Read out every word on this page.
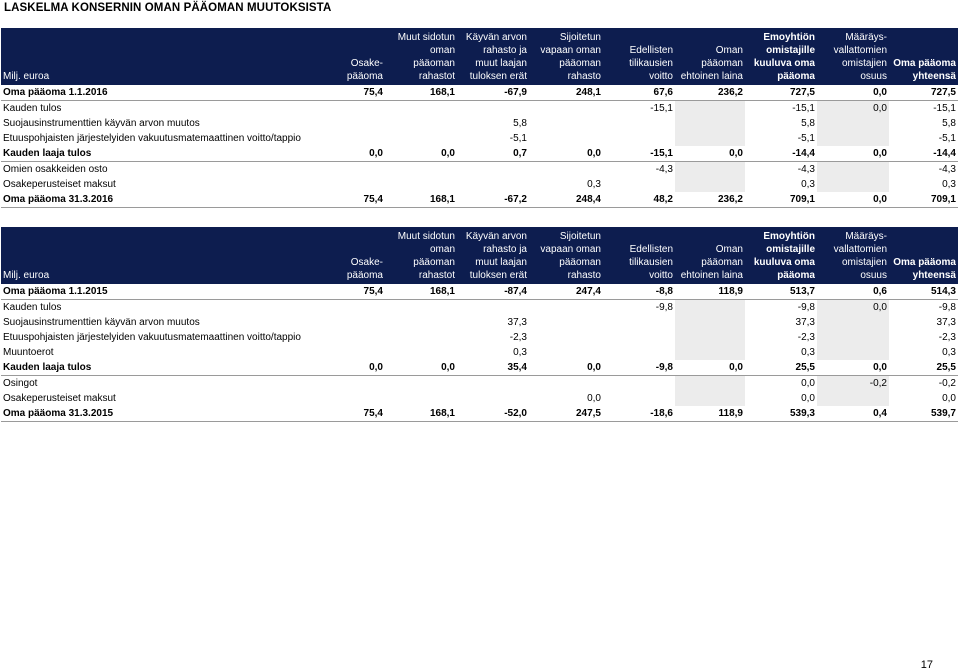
LASKELMA KONSERNIN OMAN PÄÄOMAN MUUTOKSISTA
Milj. euroa	Osake-pääoma	Muut sidotun oman pääoman rahastot	Käyvän arvon rahasto ja muut laajan tuloksen erät	Sijoitetun vapaan oman pääoman rahasto	Edellisten tilikausien voitto	Oman pääoman ehtoinen laina	Emoyhtiön omistajille kuuluva oma pääoma	Määräys-vallattomien omistajien osuus	Oma pääoma yhteensä
Oma pääoma 1.1.2016	75,4	168,1	-67,9	248,1	67,6	236,2	727,5	0,0	727,5
Kauden tulos					-15,1		-15,1	0,0	-15,1
Suojausinstrumenttien käyvän arvon muutos			5,8				5,8		5,8
Etuuspohjaisten järjestelyiden vakuutusmatemaattinen voitto/tappio			-5,1				-5,1		-5,1
Kauden laaja tulos	0,0	0,0	0,7	0,0	-15,1	0,0	-14,4	0,0	-14,4
Omien osakkeiden osto					-4,3		-4,3		-4,3
Osakeperusteiset maksut				0,3			0,3		0,3
Oma pääoma 31.3.2016	75,4	168,1	-67,2	248,4	48,2	236,2	709,1	0,0	709,1
Milj. euroa	Osake-pääoma	Muut sidotun oman pääoman rahastot	Käyvän arvon rahasto ja muut laajan tuloksen erät	Sijoitetun vapaan oman pääoman rahasto	Edellisten tilikausien voitto	Oman pääoman ehtoinen laina	Emoyhtiön omistajille kuuluva oma pääoma	Määräys-vallattomien omistajien osuus	Oma pääoma yhteensä
Oma pääoma 1.1.2015	75,4	168,1	-87,4	247,4	-8,8	118,9	513,7	0,6	514,3
Kauden tulos					-9,8		-9,8	0,0	-9,8
Suojausinstrumenttien käyvän arvon muutos			37,3				37,3		37,3
Etuuspohjaisten järjestelyiden vakuutusmatemaattinen voitto/tappio			-2,3				-2,3		-2,3
Muuntoerot			0,3				0,3		0,3
Kauden laaja tulos	0,0	0,0	35,4	0,0	-9,8	0,0	25,5	0,0	25,5
Osingot							0,0	-0,2	-0,2
Osakeperusteiset maksut				0,0			0,0		0,0
Oma pääoma 31.3.2015	75,4	168,1	-52,0	247,5	-18,6	118,9	539,3	0,4	539,7
17
